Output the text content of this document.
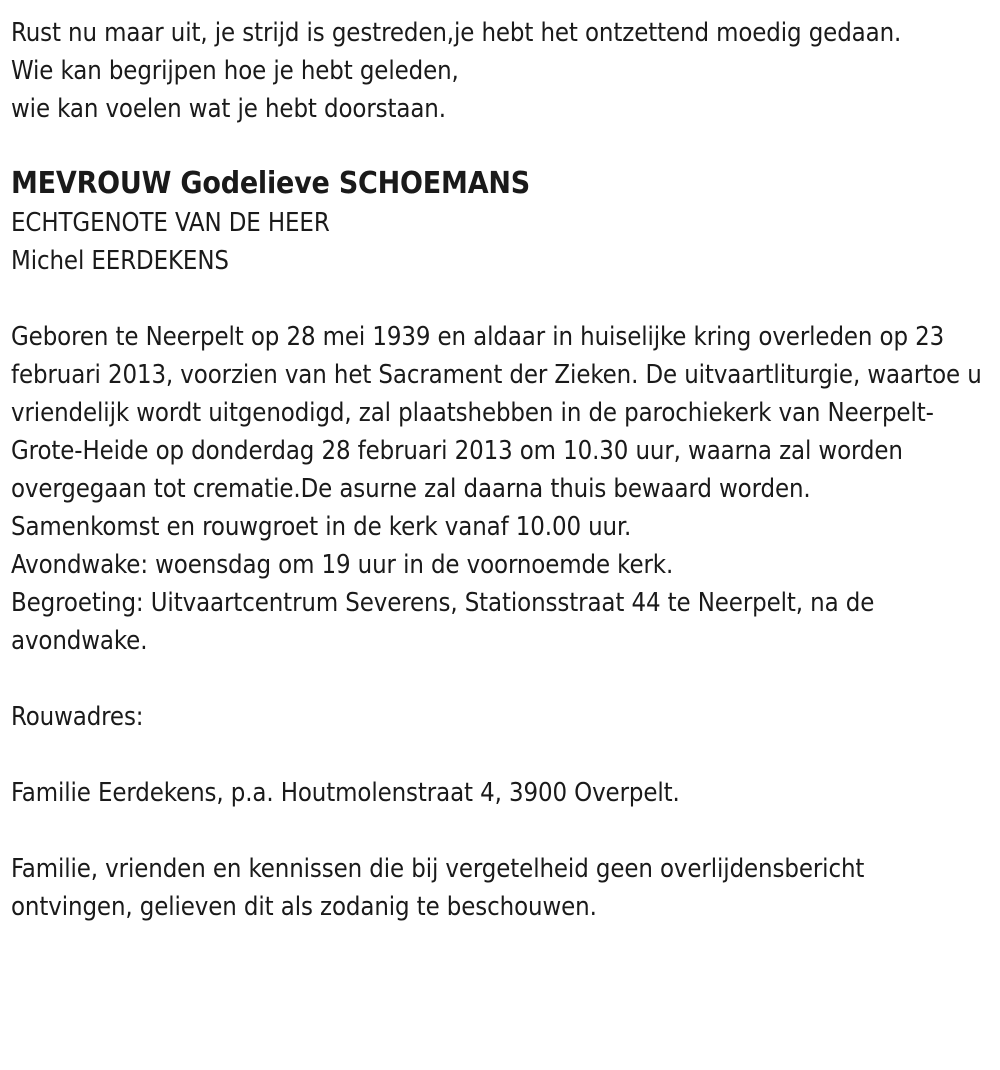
Rust nu maar uit, je strijd is gestreden,je hebt het ontzettend moedig gedaan.
Wie kan begrijpen hoe je hebt geleden,
wie kan voelen wat je hebt doorstaan.
MEVROUW Godelieve SCHOEMANS
ECHTGENOTE VAN DE HEER
Michel EERDEKENS
Geboren te Neerpelt op 28 mei 1939 en aldaar in huiselijke kring overleden op 23 februari 2013, voorzien van het Sacrament der Zieken. De uitvaartliturgie, waartoe u vriendelijk wordt uitgenodigd, zal plaatshebben in de parochiekerk van Neerpelt-Grote-Heide op donderdag 28 februari 2013 om 10.30 uur, waarna zal worden overgegaan tot crematie.De asurne zal daarna thuis bewaard worden.
Samenkomst en rouwgroet in de kerk vanaf 10.00 uur.
Avondwake: woensdag om 19 uur in de voornoemde kerk.
Begroeting: Uitvaartcentrum Severens, Stationsstraat 44 te Neerpelt, na de avondwake.
Rouwadres:
Familie Eerdekens, p.a. Houtmolenstraat 4, 3900 Overpelt.
Familie, vrienden en kennissen die bij vergetelheid geen overlijdensbericht ontvingen, gelieven dit als zodanig te beschouwen.
